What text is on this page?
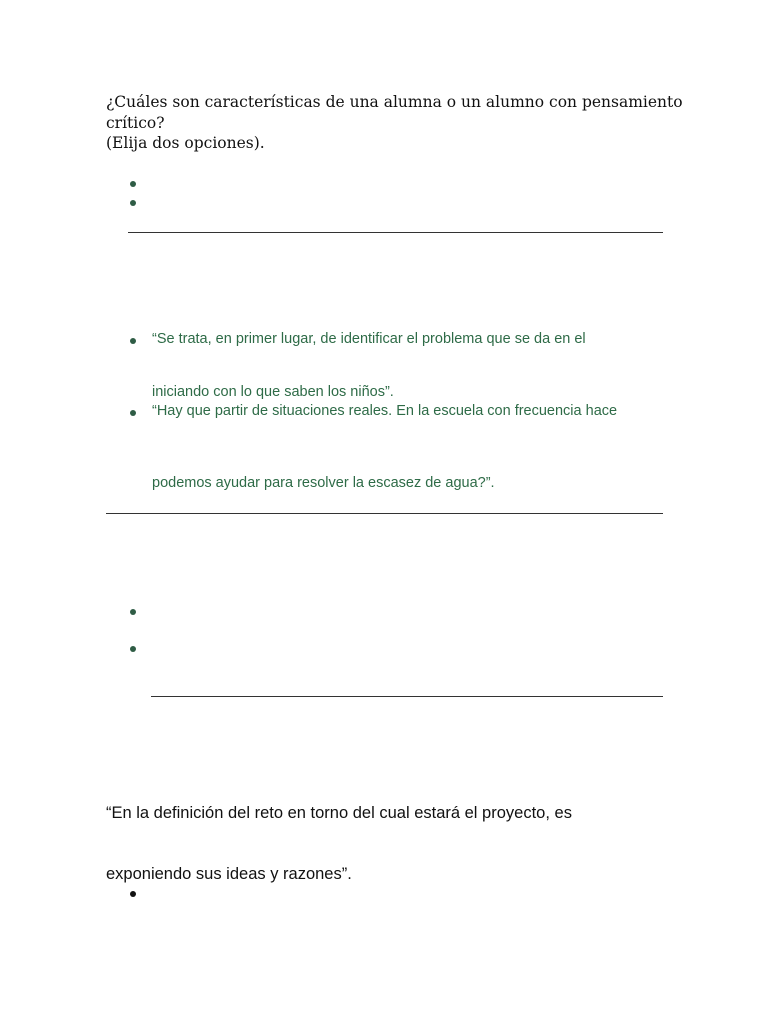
¿Cuáles son características de una alumna o un alumno con pensamiento
crítico?
(Elija dos opciones).
“Se trata, en primer lugar, de identificar el problema que se da en el
iniciando con lo que saben los niños”.
“Hay que partir de situaciones reales. En la escuela con frecuencia hace
podemos ayudar para resolver la escasez de agua?”.
“En la definición del reto en torno del cual estará el proyecto, es
exponiendo sus ideas y razones”.
